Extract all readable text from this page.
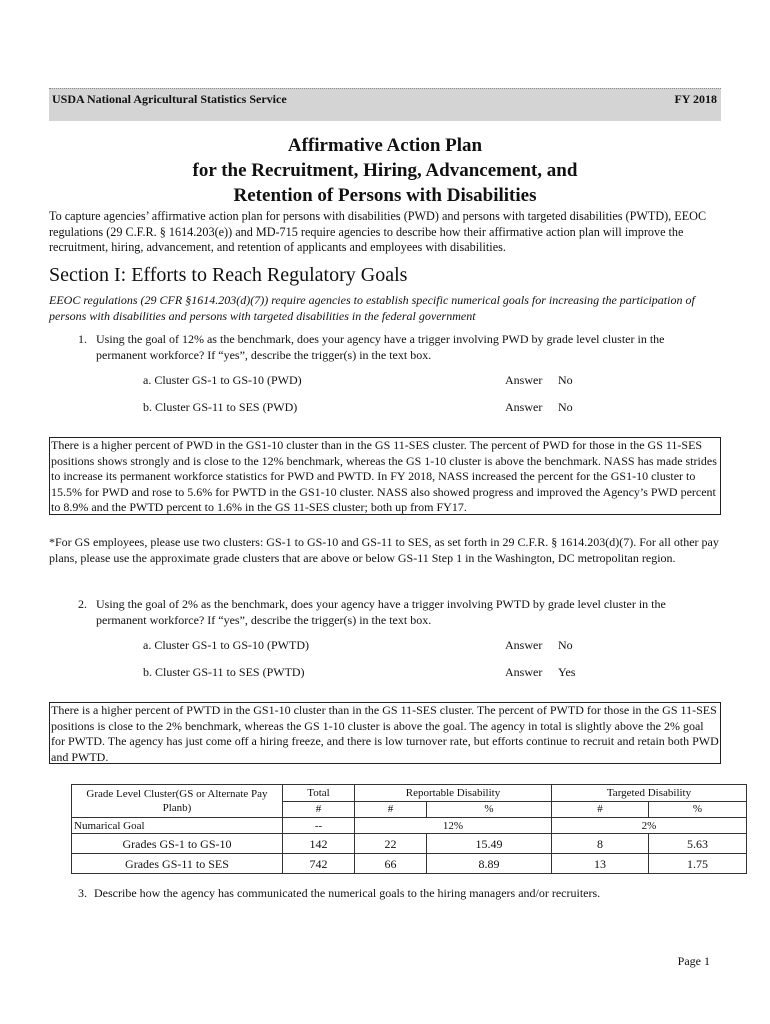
USDA National Agricultural Statistics Service	FY 2018
Affirmative Action Plan
for the Recruitment, Hiring, Advancement, and
Retention of Persons with Disabilities
To capture agencies’ affirmative action plan for persons with disabilities (PWD) and persons with targeted disabilities (PWTD), EEOC regulations (29 C.F.R. § 1614.203(e)) and MD-715 require agencies to describe how their affirmative action plan will improve the recruitment, hiring, advancement, and retention of applicants and employees with disabilities.
Section I: Efforts to Reach Regulatory Goals
EEOC regulations (29 CFR §1614.203(d)(7)) require agencies to establish specific numerical goals for increasing the participation of persons with disabilities and persons with targeted disabilities in the federal government
1. Using the goal of 12% as the benchmark, does your agency have a trigger involving PWD by grade level cluster in the permanent workforce? If “yes”, describe the trigger(s) in the text box.
a. Cluster GS-1 to GS-10 (PWD)	Answer No
b. Cluster GS-11 to SES (PWD)	Answer No
There is a higher percent of PWD in the GS1-10 cluster than in the GS 11-SES cluster. The percent of PWD for those in the GS 11-SES positions shows strongly and is close to the 12% benchmark, whereas the GS 1-10 cluster is above the benchmark. NASS has made strides to increase its permanent workforce statistics for PWD and PWTD. In FY 2018, NASS increased the percent for the GS1-10 cluster to 15.5% for PWD and rose to 5.6% for PWTD in the GS1-10 cluster. NASS also showed progress and improved the Agency’s PWD percent to 8.9% and the PWTD percent to 1.6% in the GS 11-SES cluster; both up from FY17.
*For GS employees, please use two clusters: GS-1 to GS-10 and GS-11 to SES, as set forth in 29 C.F.R. § 1614.203(d)(7). For all other pay plans, please use the approximate grade clusters that are above or below GS-11 Step 1 in the Washington, DC metropolitan region.
2. Using the goal of 2% as the benchmark, does your agency have a trigger involving PWTD by grade level cluster in the permanent workforce? If “yes”, describe the trigger(s) in the text box.
a. Cluster GS-1 to GS-10 (PWTD)	Answer No
b. Cluster GS-11 to SES (PWTD)	Answer Yes
There is a higher percent of PWTD in the GS1-10 cluster than in the GS 11-SES cluster. The percent of PWTD for those in the GS 11-SES positions is close to the 2% benchmark, whereas the GS 1-10 cluster is above the goal. The agency in total is slightly above the 2% goal for PWTD. The agency has just come off a hiring freeze, and there is low turnover rate, but efforts continue to recruit and retain both PWD and PWTD.
Grade Level Cluster(GS or Alternate Pay Planb)	Total	Reportable Disability		Targeted Disability	
	#	#	%	#	%
Numarical Goal	--	12%		2%	
Grades GS-1 to GS-10	142	22	15.49	8	5.63
Grades GS-11 to SES	742	66	8.89	13	1.75
3. Describe how the agency has communicated the numerical goals to the hiring managers and/or recruiters.
Page 1
